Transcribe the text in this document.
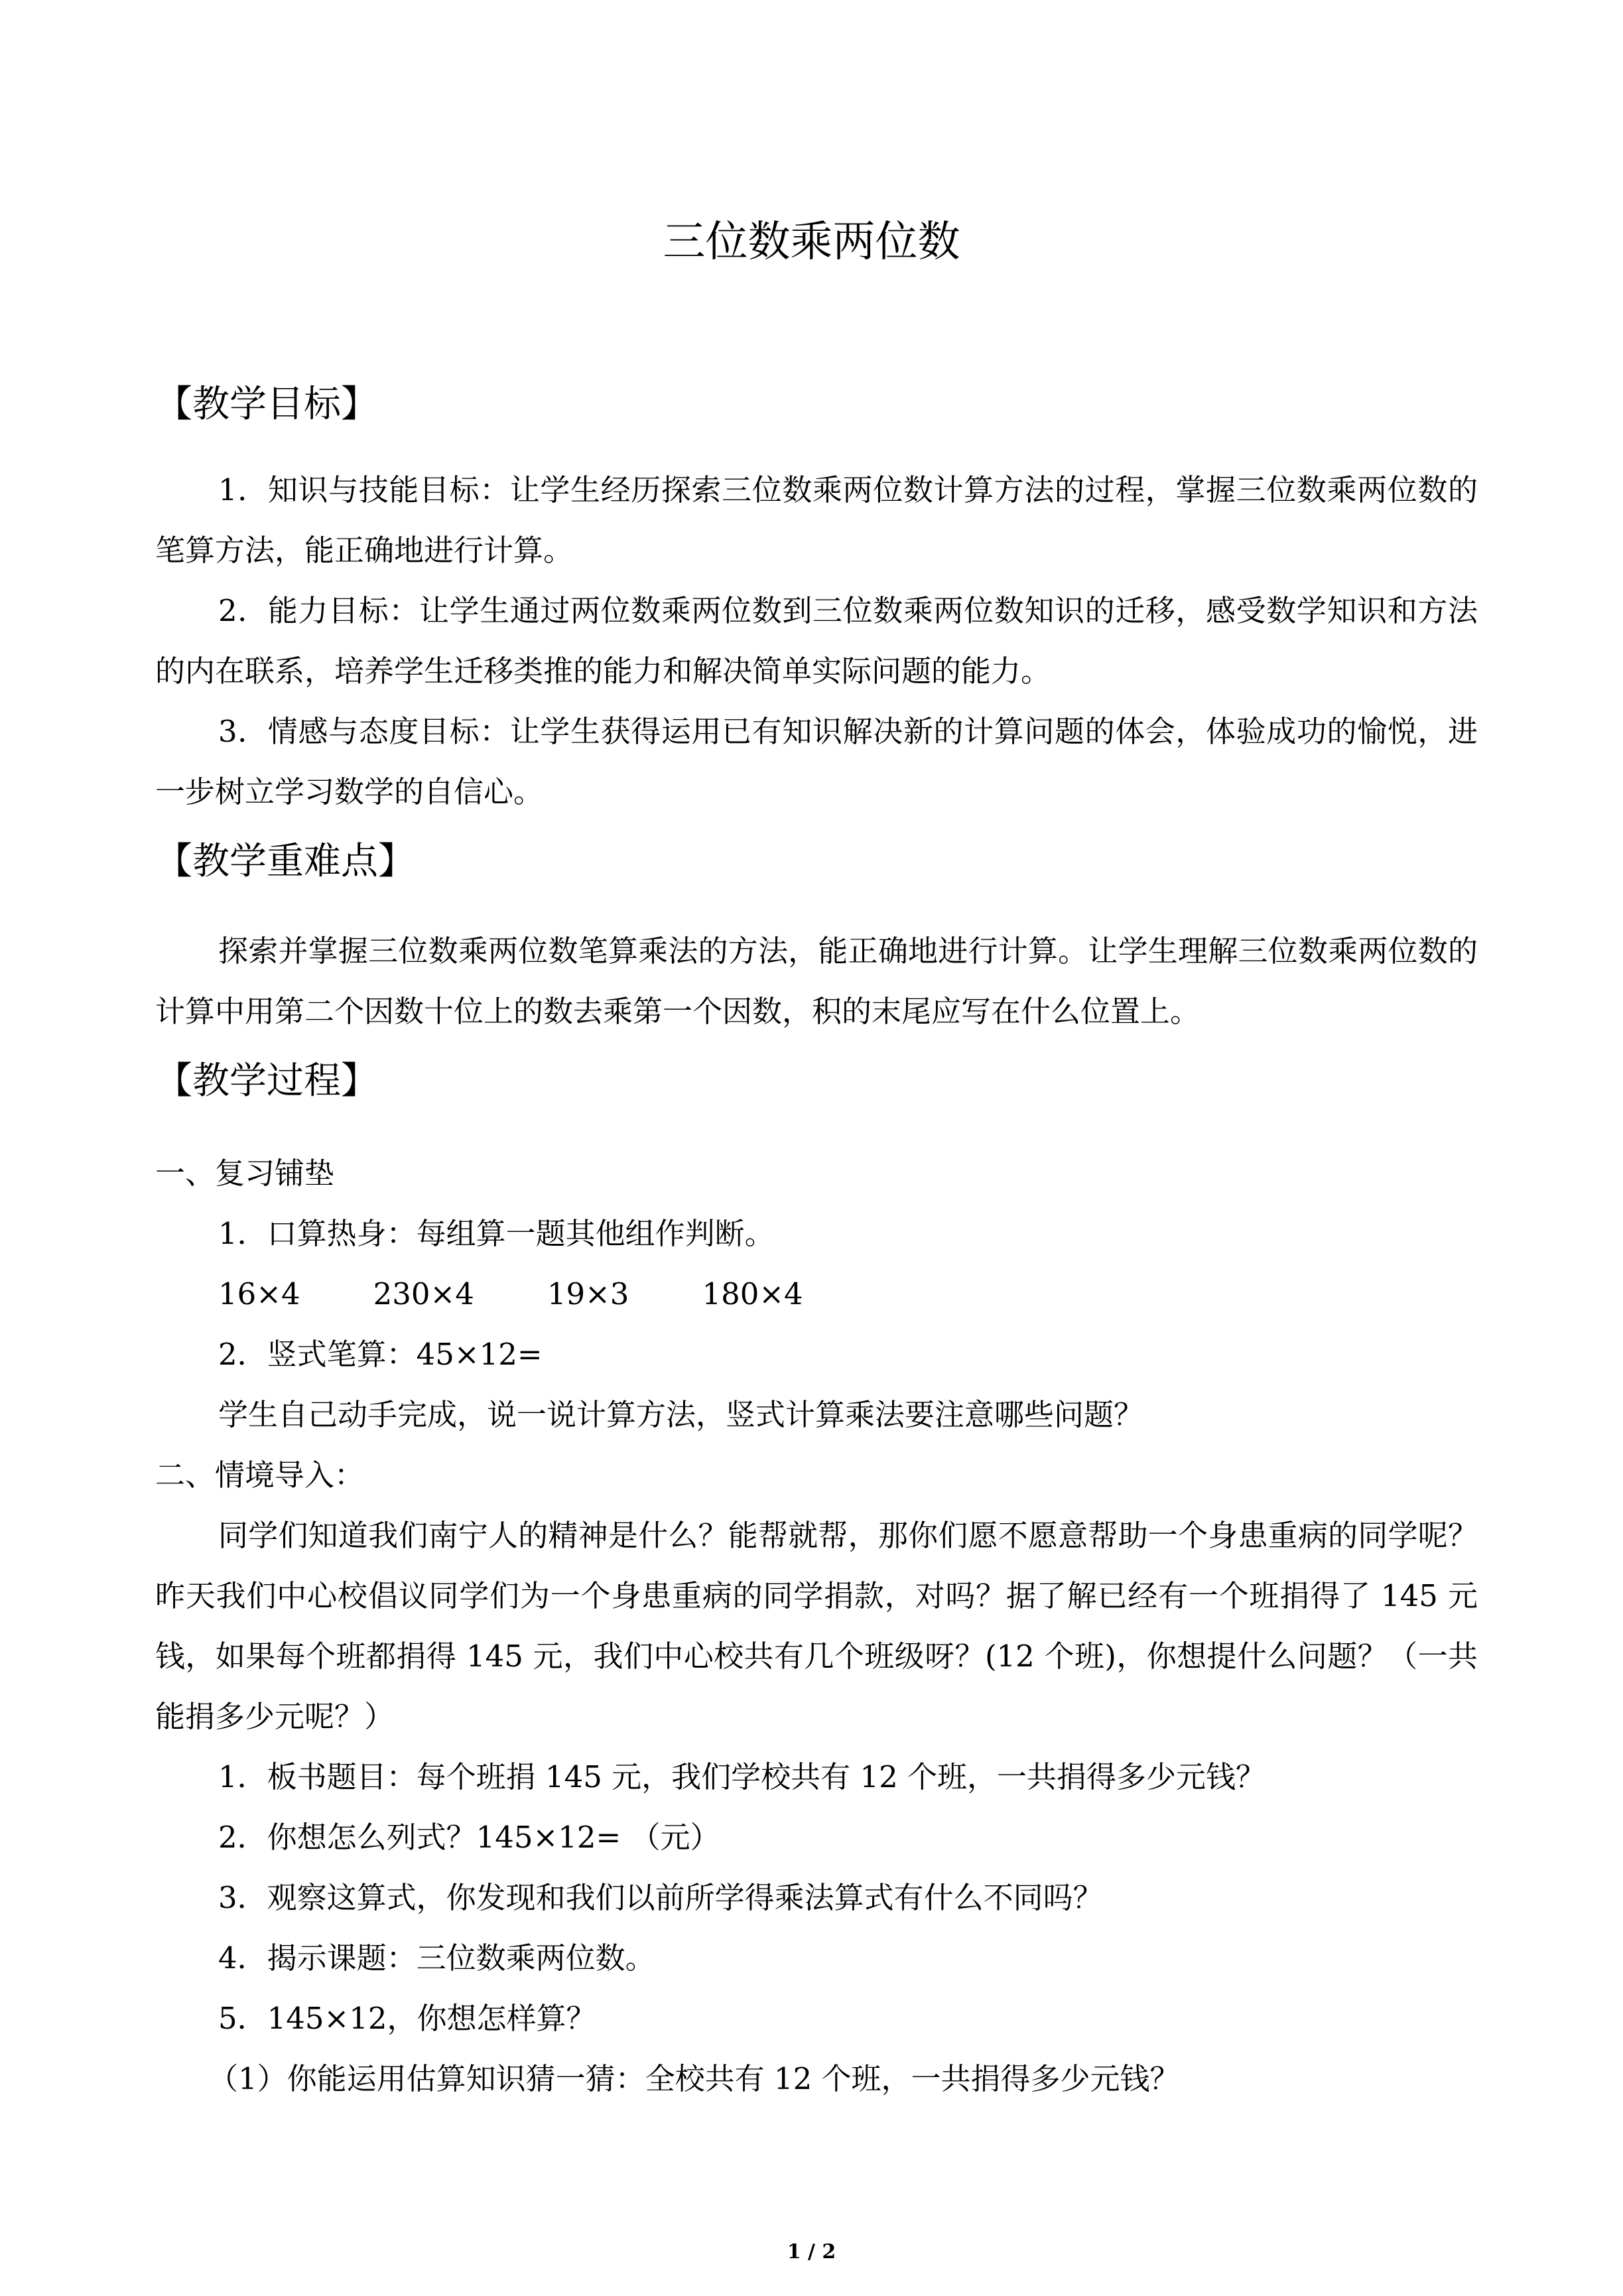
三位数乘两位数
【教学目标】
1．知识与技能目标：让学生经历探索三位数乘两位数计算方法的过程，掌握三位数乘两位数的笔算方法，能正确地进行计算。
2．能力目标：让学生通过两位数乘两位数到三位数乘两位数知识的迁移，感受数学知识和方法的内在联系，培养学生迁移类推的能力和解决简单实际问题的能力。
3．情感与态度目标：让学生获得运用已有知识解决新的计算问题的体会，体验成功的愉悦，进一步树立学习数学的自信心。
【教学重难点】
探索并掌握三位数乘两位数笔算乘法的方法，能正确地进行计算。让学生理解三位数乘两位数的计算中用第二个因数十位上的数去乘第一个因数，积的末尾应写在什么位置上。
【教学过程】
一、复习铺垫
1．口算热身：每组算一题其他组作判断。
16×4 230×4 19×3 180×4
2．竖式笔算：45×12=
学生自己动手完成，说一说计算方法，竖式计算乘法要注意哪些问题？
二、情境导入：
同学们知道我们南宁人的精神是什么？能帮就帮，那你们愿不愿意帮助一个身患重病的同学呢？昨天我们中心校倡议同学们为一个身患重病的同学捐款，对吗？据了解已经有一个班捐得了 145 元钱，如果每个班都捐得 145 元，我们中心校共有几个班级呀？(12 个班)，你想提什么问题？（一共能捐多少元呢？）
1．板书题目：每个班捐 145 元，我们学校共有 12 个班，一共捐得多少元钱？
2．你想怎么列式？145×12= （元）
3．观察这算式，你发现和我们以前所学得乘法算式有什么不同吗？
4．揭示课题：三位数乘两位数。
5．145×12，你想怎样算？
（1）你能运用估算知识猜一猜：全校共有 12 个班，一共捐得多少元钱？
1 / 2
